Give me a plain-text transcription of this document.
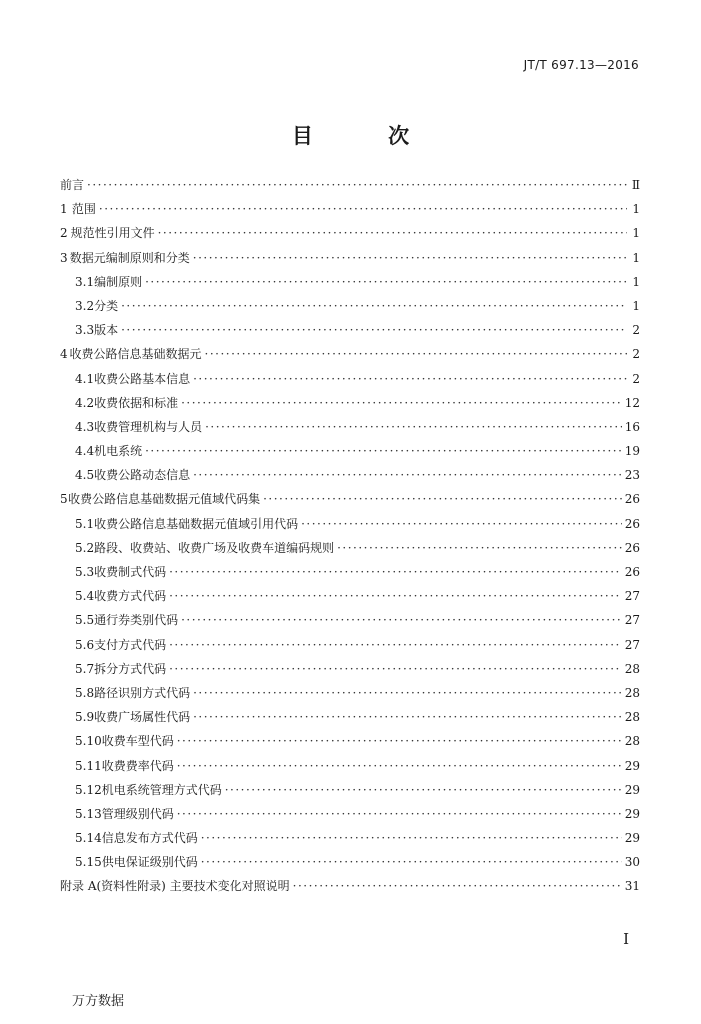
JT/T 697.13—2016
目 次
前言 ·····	Ⅱ
1 范围 ·····	1
2 规范性引用文件 ·····	1
3 数据元编制原则和分类 ·····	1
3.1 编制原则 ·····	1
3.2 分类 ·····	1
3.3 版本 ·····	2
4 收费公路信息基础数据元 ·····	2
4.1 收费公路基本信息 ·····	2
4.2 收费依据和标准 ·····	12
4.3 收费管理机构与人员 ·····	16
4.4 机电系统 ·····	19
4.5 收费公路动态信息 ·····	23
5 收费公路信息基础数据元值域代码集 ·····	26
5.1 收费公路信息基础数据元值域引用代码 ·····	26
5.2 路段、收费站、收费广场及收费车道编码规则 ·····	26
5.3 收费制式代码 ·····	26
5.4 收费方式代码 ·····	27
5.5 通行券类别代码 ·····	27
5.6 支付方式代码 ·····	27
5.7 拆分方式代码 ·····	28
5.8 路径识别方式代码 ·····	28
5.9 收费广场属性代码 ·····	28
5.10 收费车型代码 ·····	28
5.11 收费费率代码 ·····	29
5.12 机电系统管理方式代码 ·····	29
5.13 管理级别代码 ·····	29
5.14 信息发布方式代码 ·····	29
5.15 供电保证级别代码 ·····	30
附录 A(资料性附录) 主要技术变化对照说明 ·····	31
I
万方数据
